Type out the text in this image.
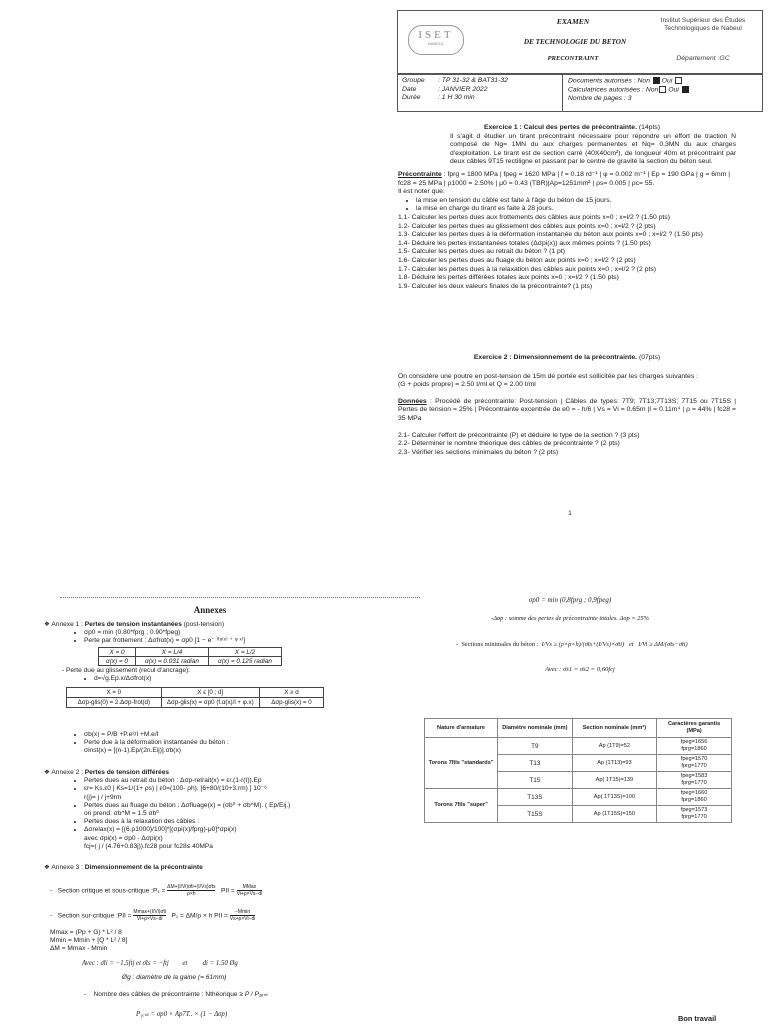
ISET
NABEUL
EXAMEN
DE TECHNOLOGIE DU BETON
PRECONTRAINT
Institut Supérieur des Études Technologiques de Nabeul
Département :GC
Groupe : TP 31-32 & BAT31-32
Date	: JANVIER 2022
Durée	: 1 H 30 min
Documents autorisés : Non Oui
Calculatrices autorisées : Non Oui
Nombre de pages : 3
Exercice 1 : Calcul des pertes de précontrainte. (14pts)
Il s'agit d étudier un tirant précontraint nécessaire pour répondre un effort de traction N composé de Ng= 1MN du aux charges permanentes et Nq= 0.3MN du aux charges d'exploitation. Le tirant est de section carré (40X40cm²), de longueur 40m et précontraint par deux câbles 9T15 rectiligne et passant par le centre de gravité la section du béton seul.
Précontrainte : fprg = 1800 MPa | fpeg = 1620 MPa | f = 0.18 rd⁻¹ | φ = 0.002 m⁻¹ | Ep = 190 GPa | g = 6mm | fc28 = 25 MPa | ρ1000 = 2.50% | μ0 = 0.43 (TBR)|Ap=1251mm² | ρs= 0.005 | ρc= 55.
Il est noter que:
• la mise en tension du câble est faite à l'âge du béton de 15 jours.
• la mise en charge du tirant es faite à 28 jours.
1.1- Calculer les pertes dues aux frottements des câbles aux points x=0 ; x=l/2 ? (1.50 pts)
1.2- Calculer les pertes dues au glissement des câbles aux points x=0 ; x=l/2 ? (2 pts)
1.3- Calculer les pertes dues à la déformation instantanée du béton aux points x=0 ; x=l/2 ? (1.50 pts)
1.4- Déduire les pertes instantanées totales (Δσpi(x)) aux mêmes points ? (1.50 pts)
1.5- Calculer les pertes dues au retrait du béton ? (1 pt)
1.6- Calculer les pertes dues au fluage du béton aux points x=0 ; x=l/2 ? (2 pts)
1.7- Calculer les pertes dues à la relaxation des câbles aux points x=0 ; x=l/2 ? (2 pts)
1.8- Déduire les pertes différées totales aux points x=0 ; x=l/2 ? (1.50 pts)
1.9- Calculer les deux valeurs finales de la précontrainte? (1 pts)
Exercice 2 : Dimensionnement de la précontrainte. (07pts)
On considère une poutre en post-tension de 15m de portée est sollicitée par les charges suivantes :
(G + poids propre) = 2.50 t/ml et Q = 2.00 t/ml
Données : Procédé de précontrainte: Post-tension | Câbles de types: 7T9; 7T13;7T13S; 7T15 ou 7T15S | Pertes de tension = 25% | Précontrainte excentrée de e0 = - h/6 | Vs = Vi = 0.65m |I = 0.11m⁴ | ρ = 44% | fc28 = 35 MPa
2.1- Calculer l'effort de précontrainte (P) et déduire le type de la section ? (3 pts)
2.2- Déterminer le nombre théorique des câbles de précontrainte ? (2 pts)
2.3- Vérifier les sections minimales du béton ? (2 pts)
1
Annexes
❖ Annexe 1 : Pertes de tension instantanées (post-tension)
• σp0 = min (0.80*fprg ; 0.90*fpeg)
• Perte par frottement : Δσfrot(x) = σp0 [1 − e⁻ ⁽ᶠᵅ⁽ˣ⁾ ⁺ ᵠ ˣ⁾]
X = 0	X = L/4	X = L/2
α(x) = 0	α(x) = 0.031 radian	α(x) = 0.125 radian
- Perte due au glissement (recul d'ancrage):
• d=√g.Ep.x/Δσfrot(x)
X = 0	X ϵ [0 ; d]	X ≥ d
Δσp-glis(0) = 2.Δσp-frot(d)	Δσp-glis(x) = σp0 (f.α(x)/l + φ.x)	Δσp-glis(x) = 0
• σb(x) = P/B +P.e²/I +M.e/I
• Perte due à la déformation instantanée du béton :
σinst(x) = [(n-1).Ep/(2n.Eij)].σb(x)
❖ Annexe 2 : Pertes de tension différées
• Pertes dues au retrait du béton : Δσp-retrait(x) = εr.(1-r(t)).Ep
• εr= Ks.ε0 | Ks=1/(1+ ρs) | ε0=(100- ρh). [6+80/(10+3.rm) ] 10⁻⁶
r(j)= j / j+9rm
• Pertes dues au fluage du béton : Δσfluage(x) = (σb⁰ + σb^M). ( Ep/Eij.)
on prend: σb^M = 1.5 σb⁰
• Pertes dues à la relaxation des câbles :
• Δσrelax(x) = [(6.ρ1000)/100]*[(σpi(x)/fprg)-μ0]*σpi(x)
avec σpi(x) = σp0 - Δσpi(x)
fcj=( j / (4.76+0.83j)).fc28 pour fc28≤ 40MPa
❖ Annexe 3 : Dimensionnement de la précontrainte
-   Section critique et sous-critique :P₁ = $\frac{\Delta M+(I/Vi)\sigmāti+(I/Vs)\sigmāts}{\rho\times h}$ PII =
MMax
Vi+ρ×Vs−di
-   Section sur-critique :PII =
Mmax+(I/Vi)σ̄ti
Vi+ρ×Vs−di	P₁ = ΔM/ρ × h PII =
−Mmin
Vs+ρ×Vi−di
Mmax = (Pp + G) * L² / 8
Mmin = Mmin + [Q * L² / 8]
ΔM = Mmax - Mmin
Avec : σ̄ti = −1,5ftj et σ̄ts = −ftj et di = 1.50 Øg
Øg : diamètre de la gaine (= 61mm)
-    Nombre des câbles de précontrainte : Nthéorique ≥ P / P₁ₑₛₜ
P₁ₑₛₜ = σp0 × Ap7T.. × (1 − Δσp)
σp0 = min (0,8fprg ; 0,9fpeg)
-Δσp : somme des pertes de précontrainte totales. Δσp = 25%
-  Sections minimales du béton :  I/Vs ≥ (ρ×ρ×h)/(σ̄ts+(I/Vs)×σ̄ti)   et   I/Vi ≥ ΔM/(σ̄ts−σ̄ti)
Avec : σ̄s1 = σ̄s2 = 0,60fcj
Nature d'armature	Diamètre nominale (mm)	Section nominale (mm²)	Caractères garantis (MPa)
Torons 7fils "standards"	T9	Ap (1T9)=52	fpeg=1656
fprg=1860

	T13	Ap (1T13)=93	fpeg=1570
fprg=1770

	T15	Ap( 1T15)=139	fpeg=1583
fprg=1770

Torons 7fils "super"	T13S	Ap( 1T13S)=100	fpeg=1660
fprg=1860

	T15S	Ap (1T15S)=150	fpeg=1573
fprg=1770
Bon travail
